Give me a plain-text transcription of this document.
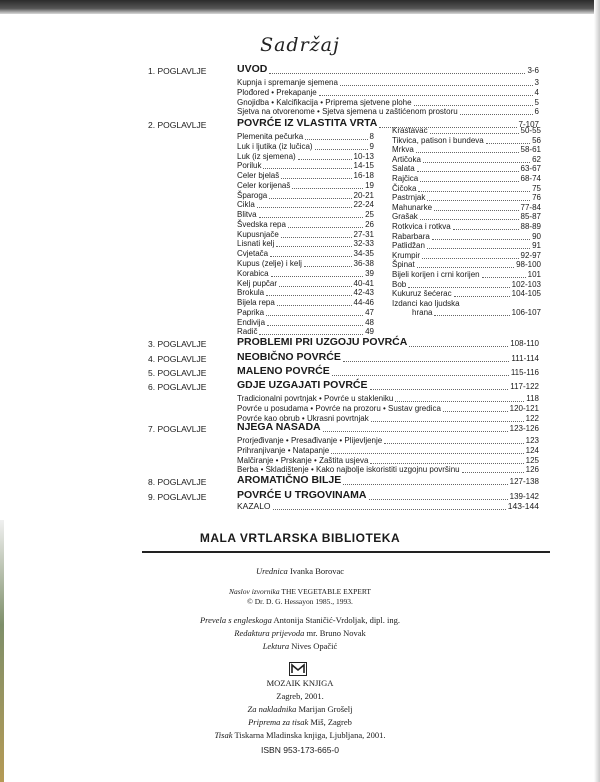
Sadržaj
1. POGLAVLJE	UVOD	3-6
Kupnja i spremanje sjemena	3
Plođored • Prekapanje	4
Gnojidba • Kalcifikacija • Priprema sjetvene plohe	5
Sjetva na otvorenome • Sjetva sjemena u zaštićenom prostoru	6
2. POGLAVLJE	POVRĆE IZ VLASTITA VRTA	7-107
3. POGLAVLJE	PROBLEMI PRI UZGOJU POVRĆA	108-110
4. POGLAVLJE	NEOBIČNO POVRĆE	111-114
5. POGLAVLJE	MALENO POVRĆE	115-116
6. POGLAVLJE	GDJE UZGAJATI POVRĆE	117-122
Tradicionalni povrtnjak • Povrće u stakleniku	118
Povrće u posudama • Povrće na prozoru • Sustav gredica	120-121
Povrće kao obrub • Ukrasni povrtnjak	122
7. POGLAVLJE	NJEGA NASADA	123-126
Prorjeđivanje • Presađivanje • Plijevljenje	123
Prihranjivanje • Natapanje	124
Malčiranje • Prskanje • Zaštita usjeva	125
Berba • Skladištenje • Kako najbolje iskoristiti uzgojnu površinu	126
8. POGLAVLJE	AROMATIČNO BILJE	127-138
9. POGLAVLJE	POVRĆE U TRGOVINAMA	139-142
Plemenita pečurka	8
Luk i ljutika (iz lučica)	9
Luk (iz sjemena)	10-13
Poriluk	14-15
Celer bjelaš	16-18
Celer korijenaš	19
Šparoga	20-21
Cikla	22-24
Blitva	25
Švedska repa	26
Kupusnjače	27-31
Lisnati kelj	32-33
Cvjetača	34-35
Kupus (zelje) i kelj	36-38
Korabica	39
Kelj pupčar	40-41
Brokula	42-43
Bijela repa	44-46
Paprika	47
Endivija	48
Radič	49
Krastavac	50-55
Tikvica, patison i bundeva	56
Mrkva	58-61
Artičoka	62
Salata	63-67
Rajčica	68-74
Čičoka	75
Pastrnjak	76
Mahunarke	77-84
Grašak	85-87
Rotkvica i rotkva	88-89
Rabarbara	90
Patlidžan	91
Krumpir	92-97
Špinat	98-100
Bijeli korijen i crni korijen	101
Bob	102-103
Kukuruz šećerac	104-105
Izdanci kao ljudska
hrana	106-107
KAZALO	143-144
MALA VRTLARSKA BIBLIOTEKA
Urednica Ivanka Borovac
Naslov izvornika THE VEGETABLE EXPERT
© Dr. D. G. Hessayon 1985., 1993.
Prevela s engleskoga Antonija Staničić-Vrdoljak, dipl. ing.
Redaktura prijevoda mr. Bruno Novak
Lektura Nives Opačić
MOZAIK KNJIGA
Zagreb, 2001.
Za nakladnika Marijan Grošelj
Priprema za tisak Miš, Zagreb
Tisak Tiskarna Mladinska knjiga, Ljubljana, 2001.
ISBN 953-173-665-0
